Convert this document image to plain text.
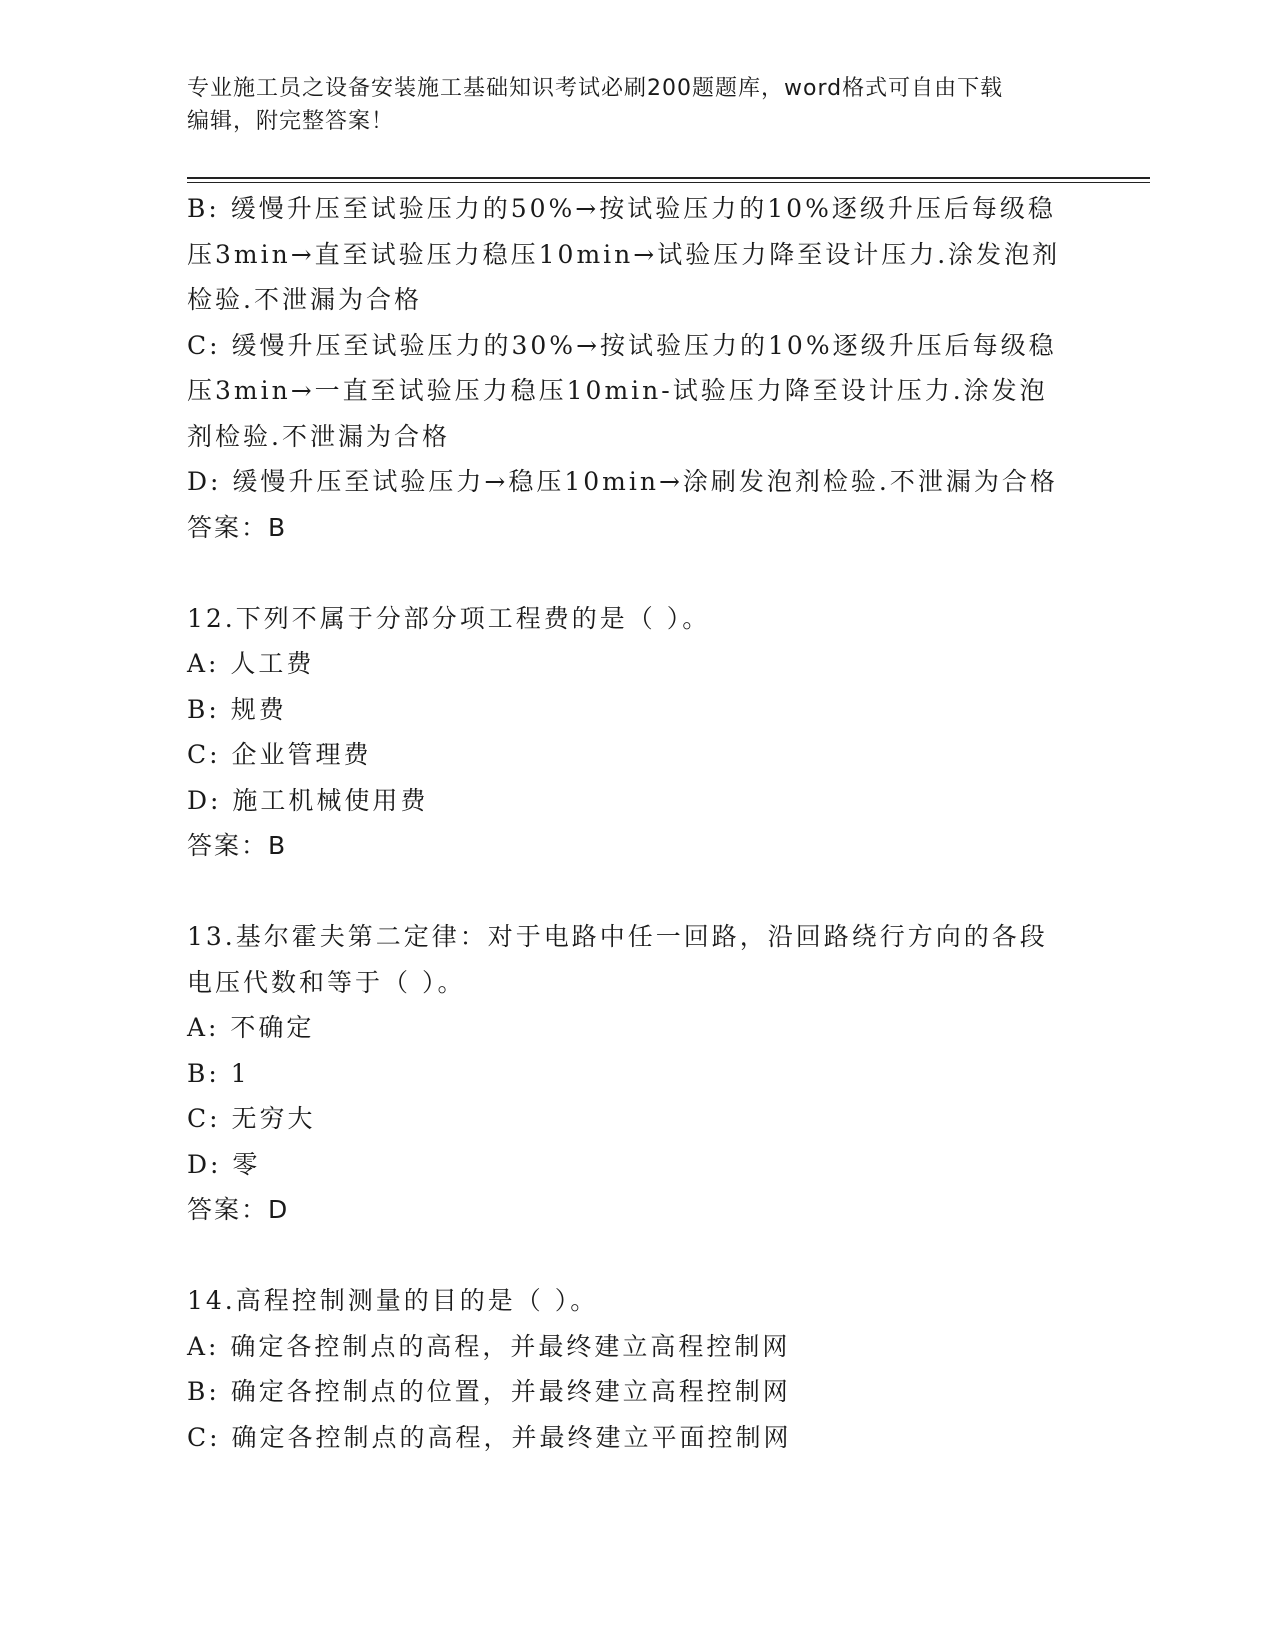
专业施工员之设备安装施工基础知识考试必刷200题题库，word格式可自由下载
编辑，附完整答案！
B: 缓慢升压至试验压力的50%→按试验压力的10%逐级升压后每级稳
压3min→直至试验压力稳压10min→试验压力降至设计压力.涂发泡剂
检验.不泄漏为合格
C: 缓慢升压至试验压力的30%→按试验压力的10%逐级升压后每级稳
压3min→一直至试验压力稳压10min-试验压力降至设计压力.涂发泡
剂检验.不泄漏为合格
D: 缓慢升压至试验压力→稳压10min→涂刷发泡剂检验.不泄漏为合格
答案：B
12.下列不属于分部分项工程费的是（ ）。
A: 人工费
B: 规费
C: 企业管理费
D: 施工机械使用费
答案：B
13.基尔霍夫第二定律：对于电路中任一回路，沿回路绕行方向的各段
电压代数和等于（ ）。
A: 不确定
B: 1
C: 无穷大
D: 零
答案：D
14.高程控制测量的目的是（ ）。
A: 确定各控制点的高程，并最终建立高程控制网
B: 确定各控制点的位置，并最终建立高程控制网
C: 确定各控制点的高程，并最终建立平面控制网
